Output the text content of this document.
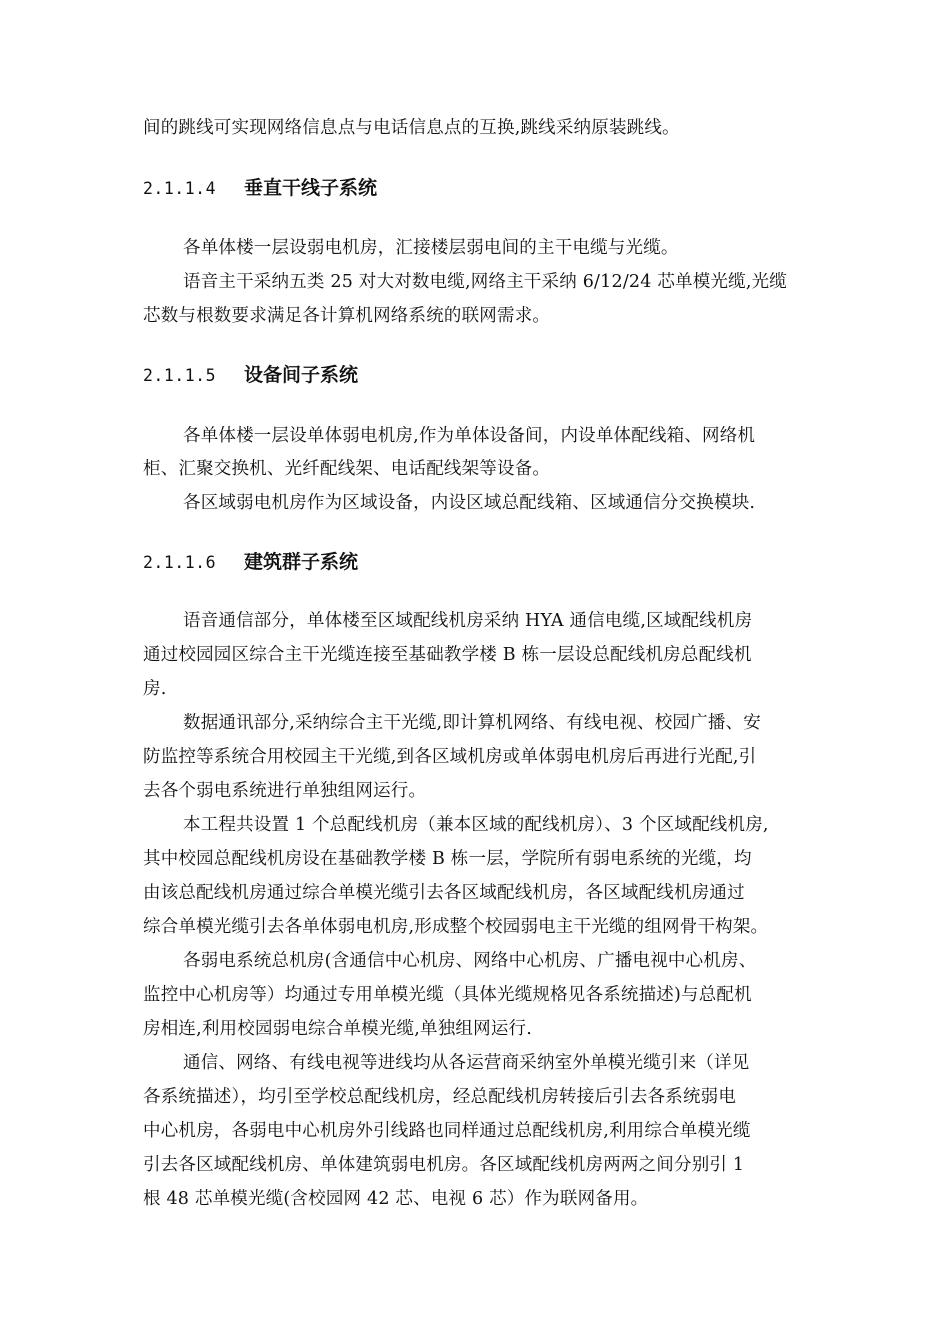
间的跳线可实现网络信息点与电话信息点的互换,跳线采纳原装跳线。
2.1.1.4 垂直干线子系统
各单体楼一层设弱电机房，汇接楼层弱电间的主干电缆与光缆。
语音主干采纳五类 25 对大对数电缆,网络主干采纳 6/12/24 芯单模光缆,光缆
芯数与根数要求满足各计算机网络系统的联网需求。
2.1.1.5 设备间子系统
各单体楼一层设单体弱电机房,作为单体设备间，内设单体配线箱、网络机
柜、汇聚交换机、光纤配线架、电话配线架等设备。
各区域弱电机房作为区域设备，内设区域总配线箱、区域通信分交换模块.
2.1.1.6 建筑群子系统
语音通信部分，单体楼至区域配线机房采纳 HYA 通信电缆,区域配线机房
通过校园园区综合主干光缆连接至基础教学楼 B 栋一层设总配线机房总配线机
房.
数据通讯部分,采纳综合主干光缆,即计算机网络、有线电视、校园广播、安
防监控等系统合用校园主干光缆,到各区域机房或单体弱电机房后再进行光配,引
去各个弱电系统进行单独组网运行。
本工程共设置 1 个总配线机房（兼本区域的配线机房）、3 个区域配线机房,
其中校园总配线机房设在基础教学楼 B 栋一层，学院所有弱电系统的光缆，均
由该总配线机房通过综合单模光缆引去各区域配线机房，各区域配线机房通过
综合单模光缆引去各单体弱电机房,形成整个校园弱电主干光缆的组网骨干构架。
各弱电系统总机房(含通信中心机房、网络中心机房、广播电视中心机房、
监控中心机房等）均通过专用单模光缆（具体光缆规格见各系统描述)与总配机
房相连,利用校园弱电综合单模光缆,单独组网运行.
通信、网络、有线电视等进线均从各运营商采纳室外单模光缆引来（详见
各系统描述），均引至学校总配线机房，经总配线机房转接后引去各系统弱电
中心机房，各弱电中心机房外引线路也同样通过总配线机房,利用综合单模光缆
引去各区域配线机房、单体建筑弱电机房。各区域配线机房两两之间分别引 1
根 48 芯单模光缆(含校园网 42 芯、电视 6 芯）作为联网备用。
